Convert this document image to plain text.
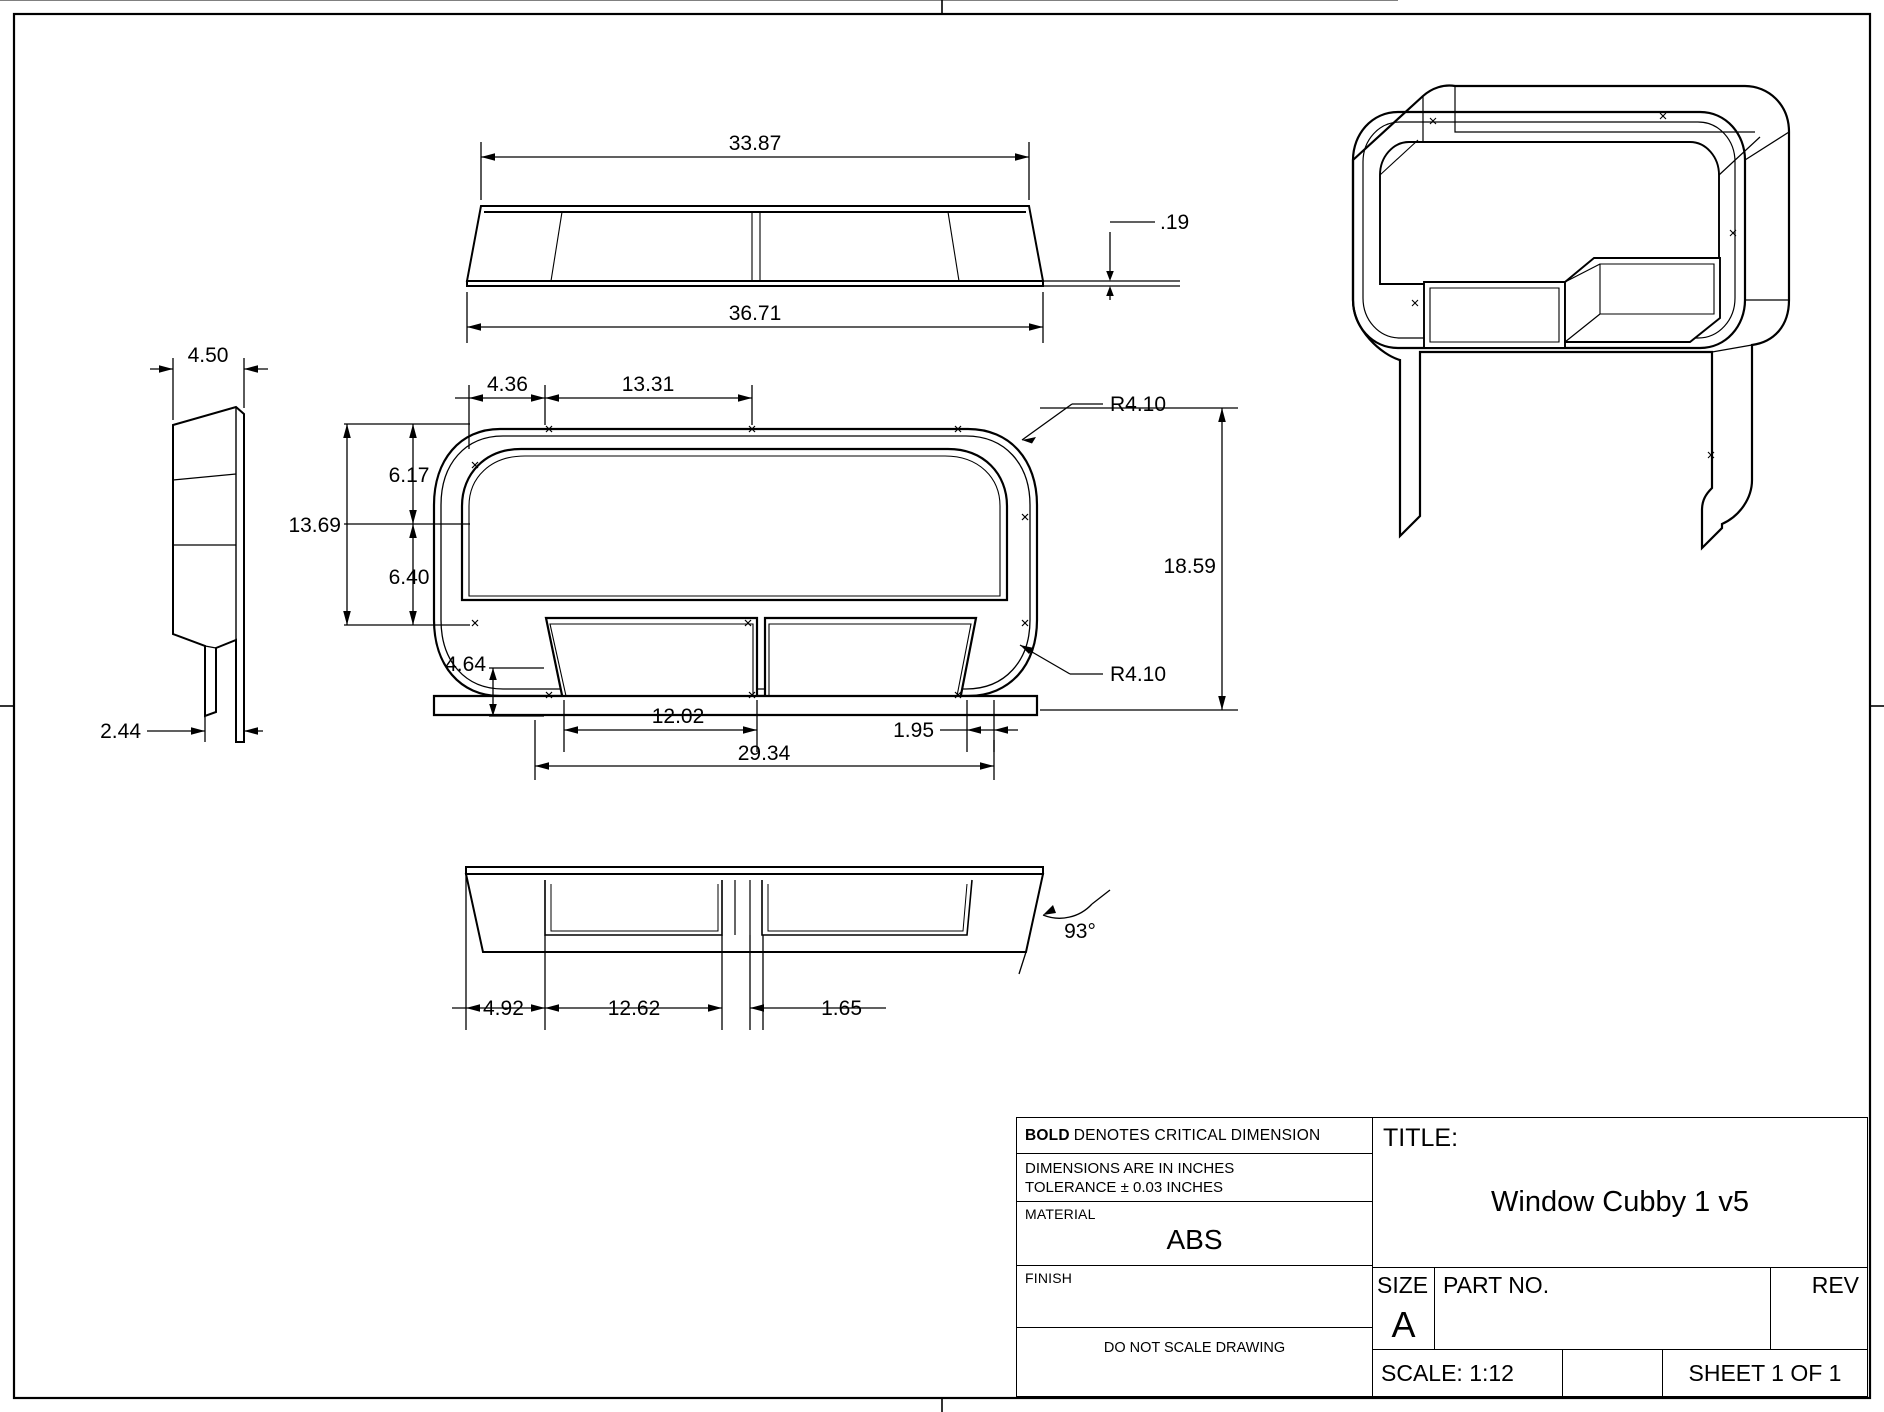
33.87
.19
36.71
4.50
2.44
4.36	13.31
R4.10
R4.10
6.17
6.40
13.69
18.59
4.64
12.02
1.95
29.34
93°
4.92	12.62	1.65
BOLD DENOTES CRITICAL DIMENSION
DIMENSIONS ARE IN INCHES
TOLERANCE ± 0.03 INCHES
MATERIAL
ABS
FINISH
DO NOT SCALE DRAWING
TITLE:
Window Cubby 1 v5
SIZE
A
PART NO.	REV
SCALE: 1:12	SHEET 1 OF 1
